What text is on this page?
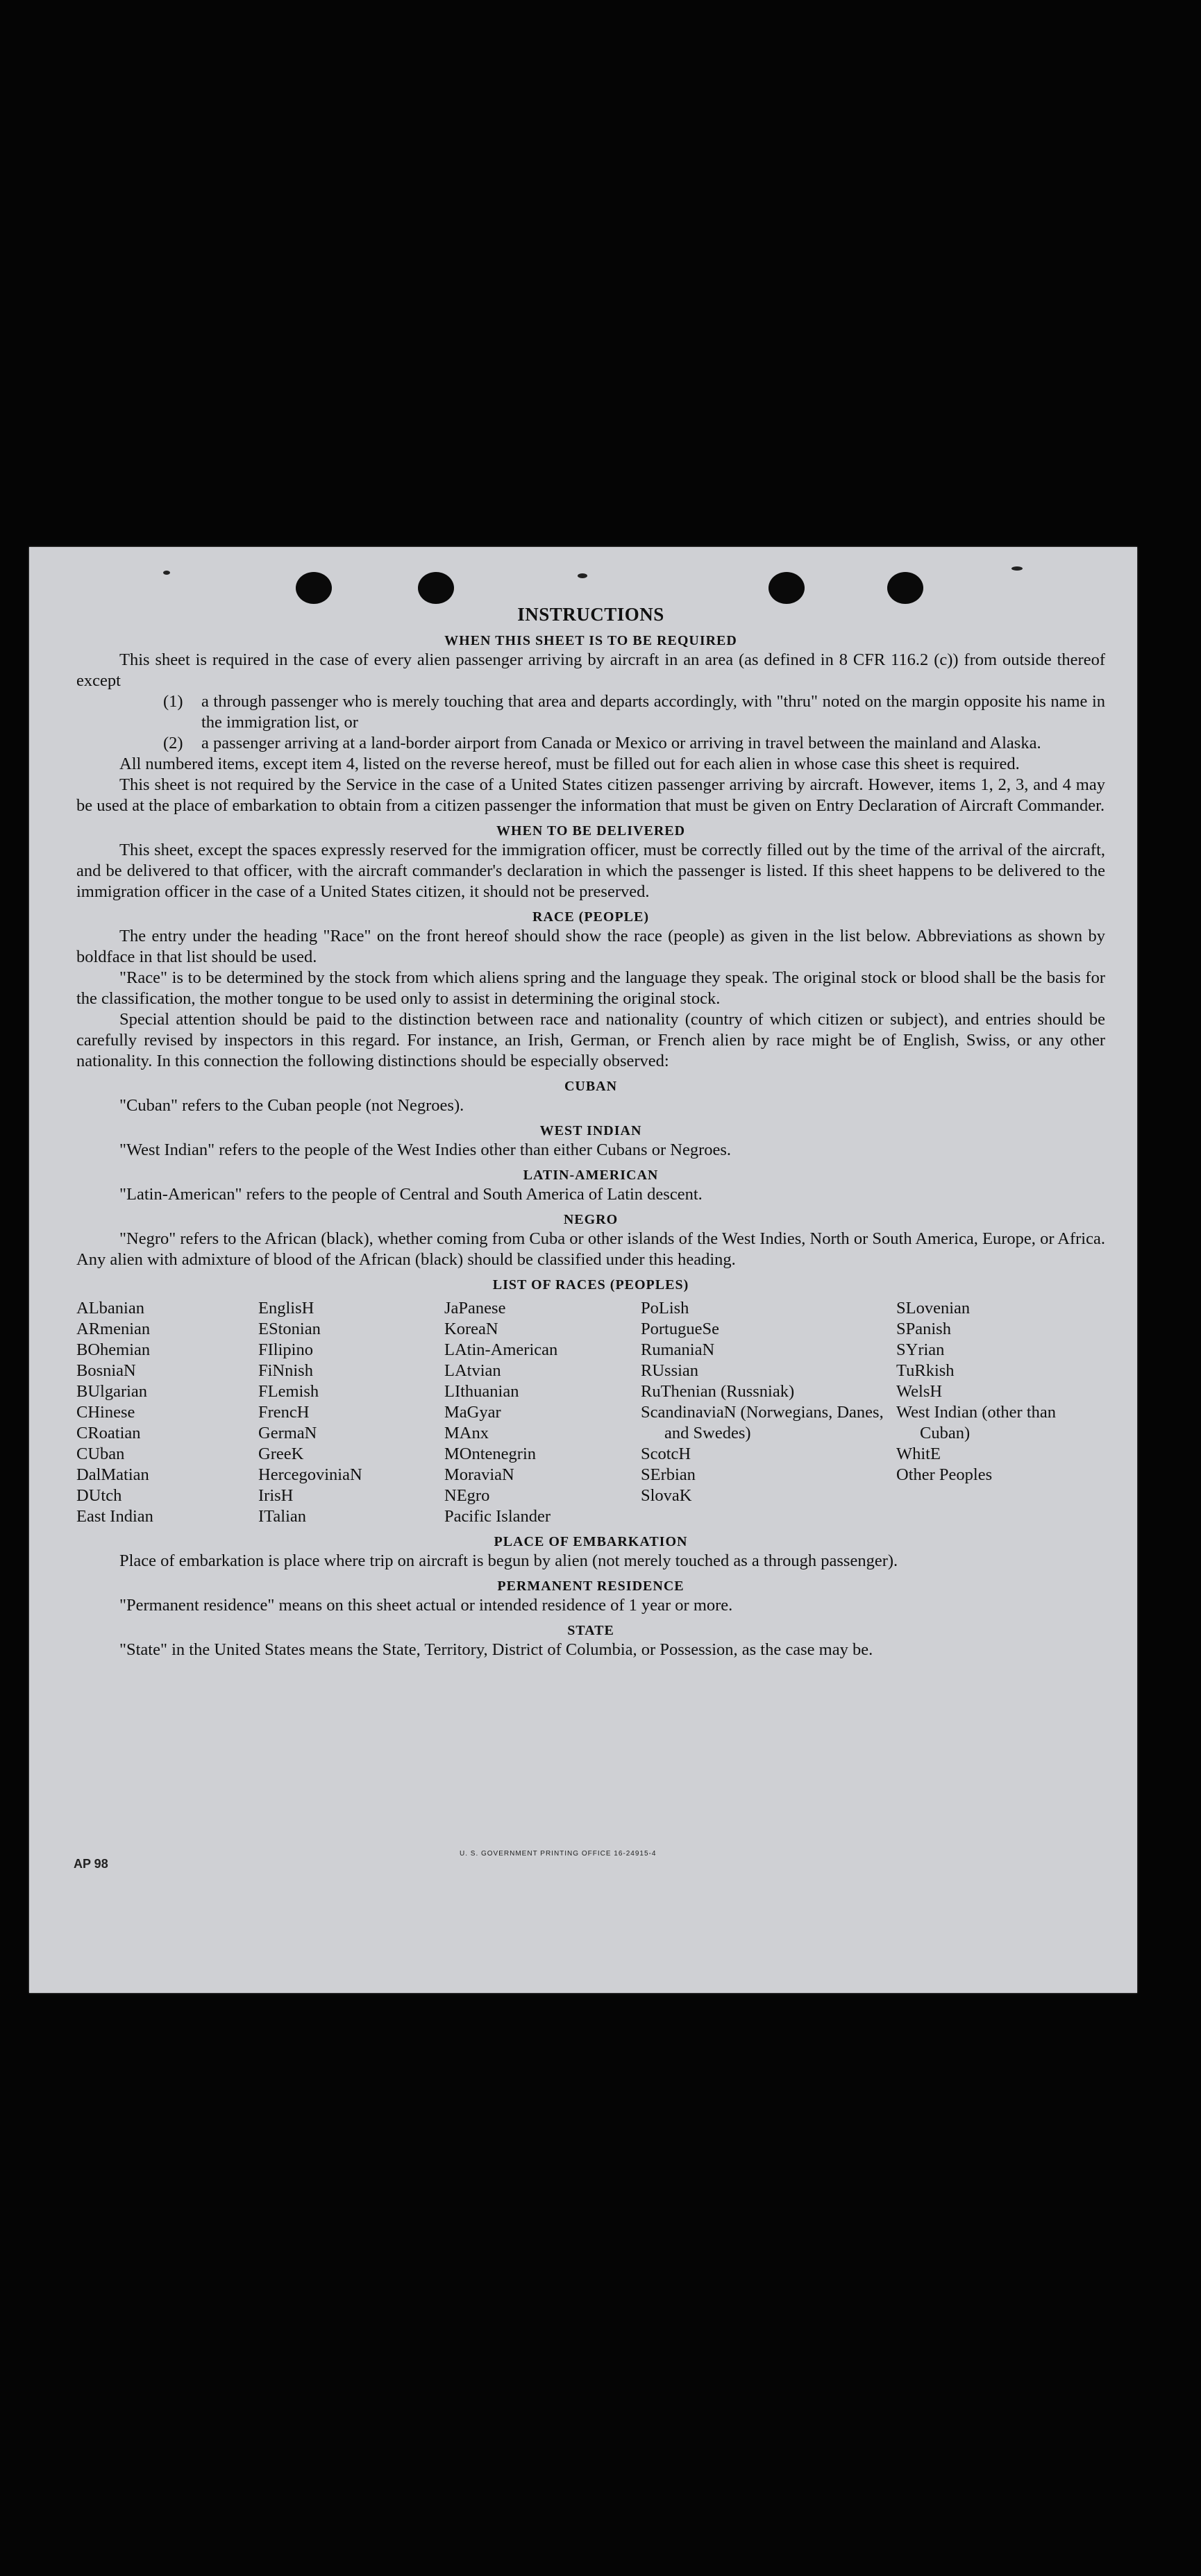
INSTRUCTIONS
WHEN THIS SHEET IS TO BE REQUIRED

This sheet is required in the case of every alien passenger arriving by aircraft in an area (as defined in 8 CFR 116.2 (c)) from outside thereof except

(1)	a through passenger who is merely touching that area and departs accordingly, with "thru" noted on the margin opposite his name in the immigration list, or
(2)	a passenger arriving at a land-border airport from Canada or Mexico or arriving in travel between the mainland and Alaska.

All numbered items, except item 4, listed on the reverse hereof, must be filled out for each alien in whose case this sheet is required.

This sheet is not required by the Service in the case of a United States citizen passenger arriving by aircraft. However, items 1, 2, 3, and 4 may be used at the place of embarkation to obtain from a citizen passenger the information that must be given on Entry Declaration of Aircraft Commander.

WHEN TO BE DELIVERED

This sheet, except the spaces expressly reserved for the immigration officer, must be correctly filled out by the time of the arrival of the aircraft, and be delivered to that officer, with the aircraft commander's declaration in which the passenger is listed. If this sheet happens to be delivered to the immigration officer in the case of a United States citizen, it should not be preserved.

RACE (PEOPLE)

The entry under the heading "Race" on the front hereof should show the race (people) as given in the list below. Abbreviations as shown by boldface in that list should be used.

"Race" is to be determined by the stock from which aliens spring and the language they speak. The original stock or blood shall be the basis for the classification, the mother tongue to be used only to assist in determining the original stock.

Special attention should be paid to the distinction between race and nationality (country of which citizen or subject), and entries should be carefully revised by inspectors in this regard. For instance, an Irish, German, or French alien by race might be of English, Swiss, or any other nationality. In this connection the following distinctions should be especially observed:

CUBAN

"Cuban" refers to the Cuban people (not Negroes).

WEST INDIAN

"West Indian" refers to the people of the West Indies other than either Cubans or Negroes.

LATIN-AMERICAN

"Latin-American" refers to the people of Central and South America of Latin descent.

NEGRO

"Negro" refers to the African (black), whether coming from Cuba or other islands of the West Indies, North or South America, Europe, or Africa. Any alien with admixture of blood of the African (black) should be classified under this heading.

LIST OF RACES (PEOPLES)
ALbanian
ARmenian
BOhemian
BosniaN
BUlgarian
CHinese
CRoatian
CUban
DalMatian
DUtch
East Indian
EnglisH
EStonian
FIlipino
FiNnish
FLemish
FrencH
GermaN
GreeK
HercegoviniaN
IrisH
ITalian
JaPanese
KoreaN
LAtin-American
LAtvian
LIthuanian
MaGyar
MAnx
MOntenegrin
MoraviaN
NEgro
Pacific Islander
PoLish
PortugueSe
RumaniaN
RUssian
RuThenian (Russniak)
ScandinaviaN (Norwegians, Danes, and Swedes)
ScotcH
SErbian
SlovaK
SLovenian
SPanish
SYrian
TuRkish
WelsH
West Indian (other than Cuban)
WhitE
Other Peoples
PLACE OF EMBARKATION

Place of embarkation is place where trip on aircraft is begun by alien (not merely touched as a through passenger).

PERMANENT RESIDENCE

"Permanent residence" means on this sheet actual or intended residence of 1 year or more.

STATE

"State" in the United States means the State, Territory, District of Columbia, or Possession, as the case may be.

AP 98
U. S. GOVERNMENT PRINTING OFFICE 16-24915-4
